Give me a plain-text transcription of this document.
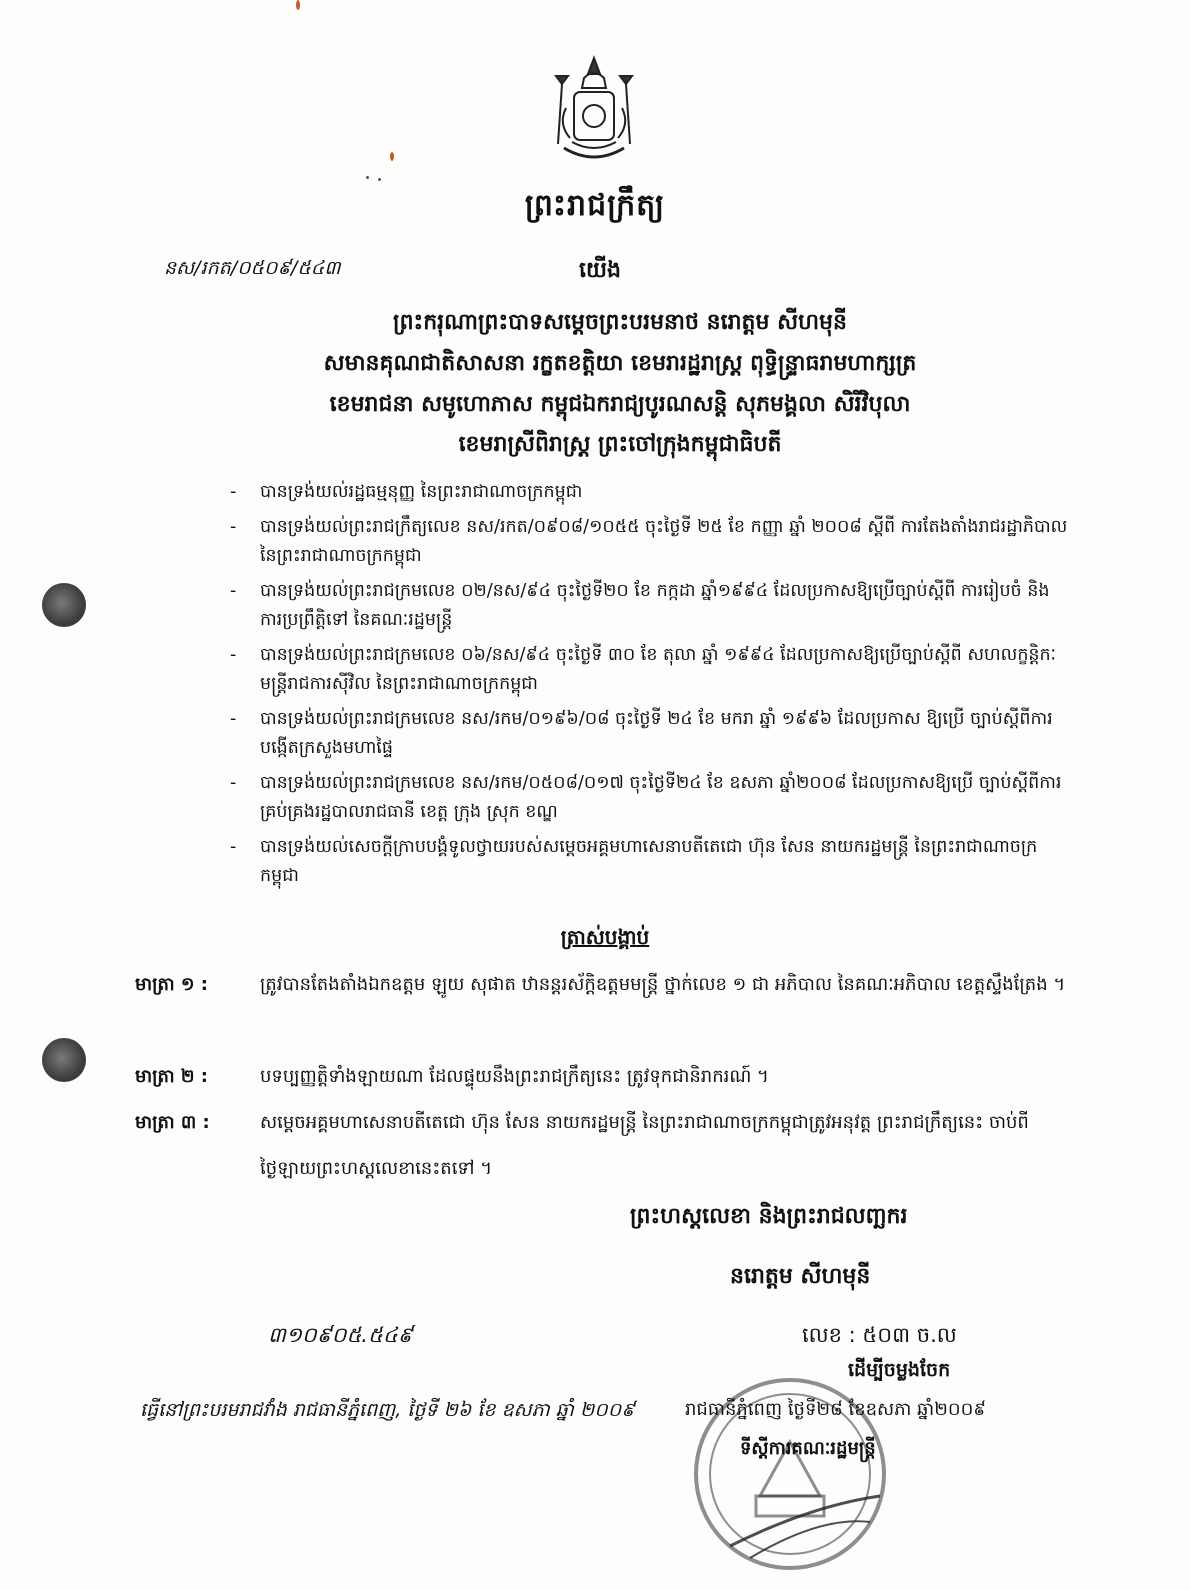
ព្រះរាជក្រឹត្យ
នស/រកត/០៥០៩/៥៤៣	យើង
ព្រះករុណាព្រះបាទសម្តេចព្រះបរមនាថ នរោត្តម សីហមុនី
សមានគុណជាតិសាសនា រក្ខតខត្តិយា ខេមរារដ្ឋរាស្ត្រ ពុទ្ធិន្ទ្រាធរាមហាក្សត្រ
ខេមរាជនា សមូហោភាស កម្ពុជឯករាជ្យបូរណសន្តិ សុភមង្គលា សិរីវិបុលា
ខេមរាស្រីពិរាស្ត្រ ព្រះចៅក្រុងកម្ពុជាធិបតី
-	បានទ្រង់យល់រដ្ឋធម្មនុញ្ញ នៃព្រះរាជាណាចក្រកម្ពុជា
-	បានទ្រង់យល់ព្រះរាជក្រឹត្យលេខ នស/រកត/០៩០៨/១០៥៥ ចុះថ្ងៃទី ២៥ ខែ កញ្ញា ឆ្នាំ ២០០៨ ស្តីពី ការតែងតាំងរាជរដ្ឋាភិបាលនៃព្រះរាជាណាចក្រកម្ពុជា
-	បានទ្រង់យល់ព្រះរាជក្រមលេខ ០២/នស/៩៤ ចុះថ្ងៃទី២០ ខែ កក្កដា ឆ្នាំ១៩៩៤ ដែលប្រកាសឱ្យប្រើច្បាប់ស្តីពី ការរៀបចំ និង ការប្រព្រឹត្តិទៅ នៃគណៈរដ្ឋមន្ត្រី
-	បានទ្រង់យល់ព្រះរាជក្រមលេខ ០៦/នស/៩៤ ចុះថ្ងៃទី ៣០ ខែ តុលា ឆ្នាំ ១៩៩៤ ដែលប្រកាសឱ្យប្រើច្បាប់ស្តីពី សហលក្ខន្តិកៈមន្ត្រីរាជការស៊ីវិល នៃព្រះរាជាណាចក្រកម្ពុជា
-	បានទ្រង់យល់ព្រះរាជក្រមលេខ នស/រកម/០១៩៦/០៨ ចុះថ្ងៃទី ២៤ ខែ មករា ឆ្នាំ ១៩៩៦ ដែលប្រកាស ឱ្យប្រើ ច្បាប់ស្តីពីការបង្កើតក្រសួងមហាផ្ទៃ
-	បានទ្រង់យល់ព្រះរាជក្រមលេខ នស/រកម/០៥០៨/០១៧ ចុះថ្ងៃទី២៤ ខែ ឧសភា ឆ្នាំ២០០៨ ដែលប្រកាសឱ្យប្រើ ច្បាប់ស្តីពីការគ្រប់គ្រងរដ្ឋបាលរាជធានី ខេត្ត ក្រុង ស្រុក ខណ្ឌ
-	បានទ្រង់យល់សេចក្តីក្រាបបង្គំទូលថ្វាយរបស់សម្តេចអគ្គមហាសេនាបតីតេជោ ហ៊ុន សែន នាយករដ្ឋមន្ត្រី នៃព្រះរាជាណាចក្រកម្ពុជា
ត្រាស់បង្គាប់
មាត្រា ១ :	ត្រូវបានតែងតាំងឯកឧត្តម ឡូយ សុផាត ឋានន្តរស័ក្តិឧត្តមមន្ត្រី ថ្នាក់លេខ ១ ជា អភិបាល នៃគណៈអភិបាល ខេត្តស្ទឹងត្រែង ។
មាត្រា ២ :	បទប្បញ្ញត្តិទាំងឡាយណា ដែលផ្ទុយនឹងព្រះរាជក្រឹត្យនេះ ត្រូវទុកជានិរាករណ៍ ។
មាត្រា ៣ :	សម្តេចអគ្គមហាសេនាបតីតេជោ ហ៊ុន សែន នាយករដ្ឋមន្ត្រី នៃព្រះរាជាណាចក្រកម្ពុជាត្រូវអនុវត្ត ព្រះរាជក្រឹត្យនេះ ចាប់ពីថ្ងៃឡាយព្រះហស្តលេខានេះតទៅ ។
ព្រះហស្តលេខា និងព្រះរាជលញ្ឆករ
នរោត្តម សីហមុនី
៣១០៩០៥.៥៤៩	លេខ : ៥០៣ ច.ល
ដើម្បីចម្លងចែក
រាជធានីភ្នំពេញ ថ្ងៃទី២៨ ខែឧសភា ឆ្នាំ២០០៩
ទីស្តីការគណៈរដ្ឋមន្ត្រី
ធ្វើនៅព្រះបរមរាជវាំង រាជធានីភ្នំពេញ, ថ្ងៃទី ២៦ ខែ ឧសភា ឆ្នាំ ២០០៩
